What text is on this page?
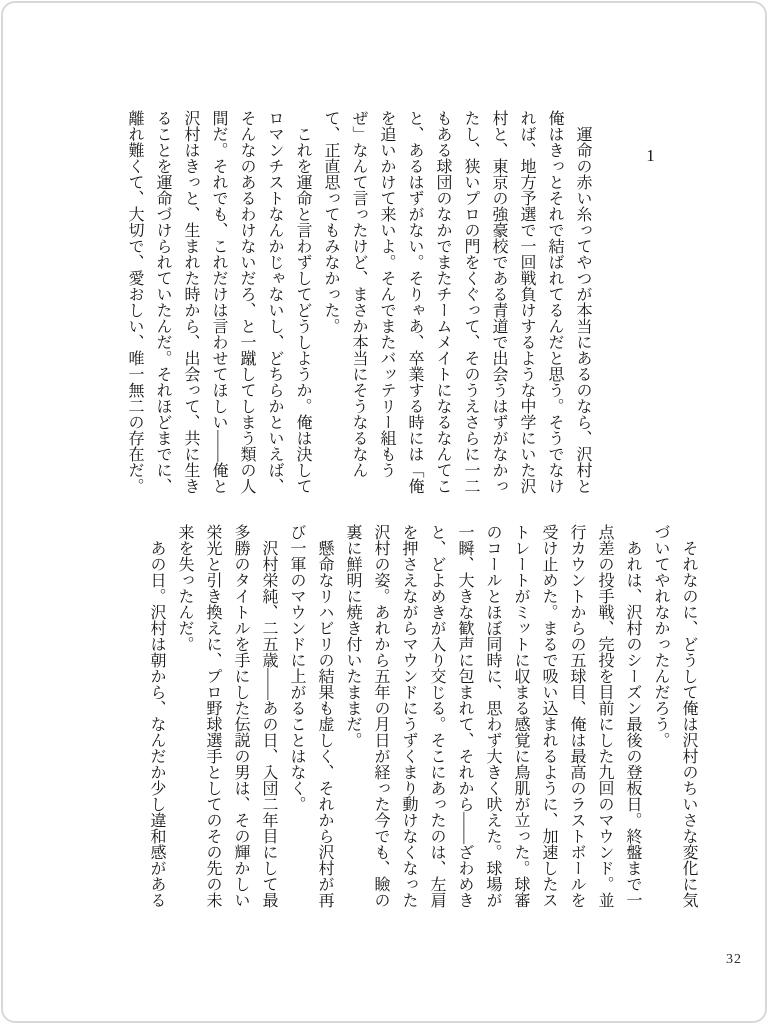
1

　運命の赤い糸ってやつが本当にあるのなら、沢村と俺はきっとそれで結ばれてるんだと思う。そうでなければ、地方予選で一回戦負けするような中学にいた沢村と、東京の強豪校である青道で出会うはずがなかったし、狭いプロの門をくぐって、そのうえさらに一二もある球団のなかでまたチームメイトになるなんてこと、あるはずがない。そりゃあ、卒業する時には「俺を追いかけて来いよ。そんでまたバッテリー組もうぜ」なんて言ったけど、まさか本当にそうなるなんて、正直思ってもみなかった。

　これを運命と言わずしてどうしようか。俺は決してロマンチストなんかじゃないし、どちらかといえば、そんなのあるわけないだろ、と一蹴してしまう類の人間だ。それでも、これだけは言わせてほしい――俺と沢村はきっと、生まれた時から、出会って、共に生きることを運命づけられていたんだ。それほどまでに、離れ難くて、大切で、愛おしい、唯一無二の存在だ。

　それなのに、どうして俺は沢村のちいさな変化に気づいてやれなかったんだろう。

　あれは、沢村のシーズン最後の登板日。終盤まで一点差の投手戦、完投を目前にした九回のマウンド。並行カウントからの五球目、俺は最高のラストボールを受け止めた。まるで吸い込まれるように、加速したストレートがミットに収まる感覚に鳥肌が立った。球審のコールとほぼ同時に、思わず大きく吠えた。球場が一瞬、大きな歓声に包まれて、それから――ざわめきと、どよめきが入り交じる。そこにあったのは、左肩を押さえながらマウンドにうずくまり動けなくなった沢村の姿。あれから五年の月日が経った今でも、瞼の裏に鮮明に焼き付いたままだ。

　懸命なリハビリの結果も虚しく、それから沢村が再び一軍のマウンドに上がることはなく。

　沢村栄純、二五歳――あの日、入団二年目にして最多勝のタイトルを手にした伝説の男は、その輝かしい栄光と引き換えに、プロ野球選手としてのその先の未来を失ったんだ。

　あの日。沢村は朝から、なんだか少し違和感がある

32
